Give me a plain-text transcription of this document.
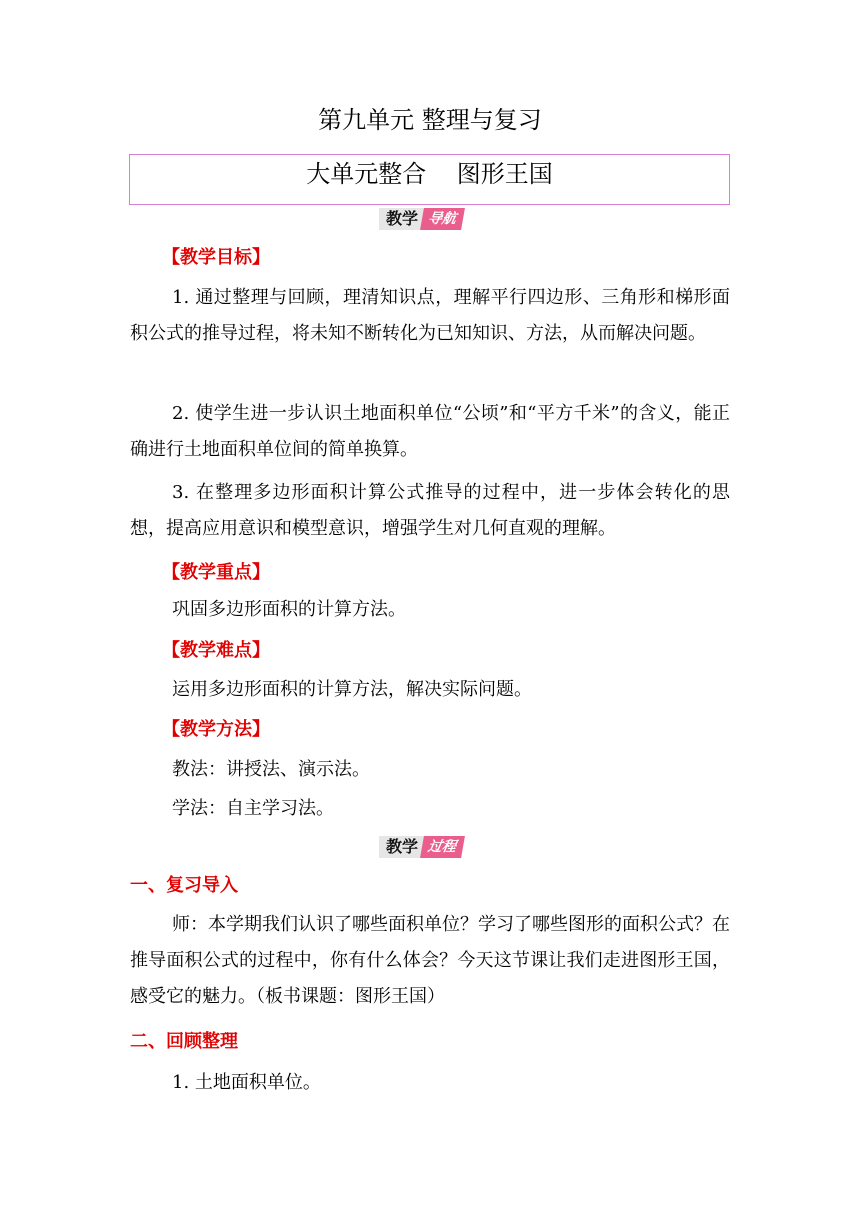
第九单元 整理与复习
大单元整合    图形王国
教学 导航
【教学目标】
1. 通过整理与回顾，理清知识点，理解平行四边形、三角形和梯形面积公式的推导过程，将未知不断转化为已知知识、方法，从而解决问题。
2. 使学生进一步认识土地面积单位“公顷”和“平方千米”的含义，能正确进行土地面积单位间的简单换算。
3. 在整理多边形面积计算公式推导的过程中，进一步体会转化的思想，提高应用意识和模型意识，增强学生对几何直观的理解。
【教学重点】
巩固多边形面积的计算方法。
【教学难点】
运用多边形面积的计算方法，解决实际问题。
【教学方法】
教法：讲授法、演示法。
学法：自主学习法。
教学 过程
一、复习导入
师：本学期我们认识了哪些面积单位？学习了哪些图形的面积公式？在推导面积公式的过程中，你有什么体会？今天这节课让我们走进图形王国，感受它的魅力。（板书课题：图形王国）
二、回顾整理
1. 土地面积单位。
